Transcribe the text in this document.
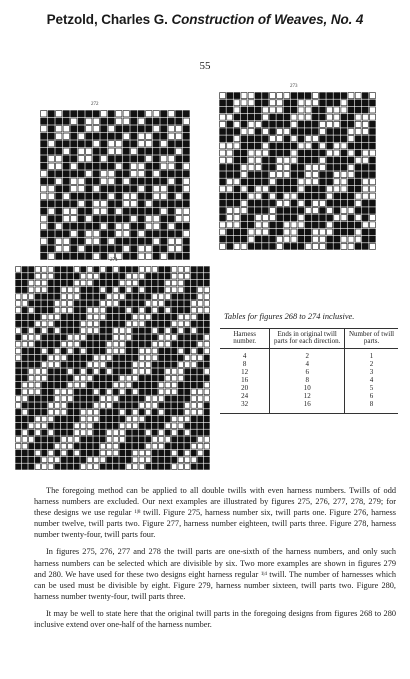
Petzold, Charles G. Construction of Weaves, No. 4
55
272
273
274
Tables for figures 268 to 274 inclusive.
Harness number.	Ends in original twill parts for each direction.	Number of twill parts.
4	2	1
8	4	2
12	6	3
16	8	4
20	10	5
24	12	6
32	16	8

The foregoing method can be applied to all double twills with even harness numbers. Twills of odd harness numbers are excluded. Our next examples are illustrated by figures 275, 276, 277, 278, 279; for these designs we use regular $^{1|8}$ twill. Figure 275, harness number six, twill parts one. Figure 276, harness number twelve, twill parts two. Figure 277, harness number eighteen, twill parts three. Figure 278, harness number twenty-four, twill parts four.

In figures 275, 276, 277 and 278 the twill parts are one-sixth of the harness numbers, and only such harness numbers can be selected which are divisible by six. Two more examples are shown in figures 279 and 280. We have used for these two designs eight harness regular $^{1|4}$ twill. The number of harnesses which can be used must be divisible by eight. Figure 279, harness number sixteen, twill parts two. Figure 280, harness number twenty-four, twill parts three.

It may be well to state here that the original twill parts in the foregoing designs from figures 268 to 280 inclusive extend over one-half of the harness number.
